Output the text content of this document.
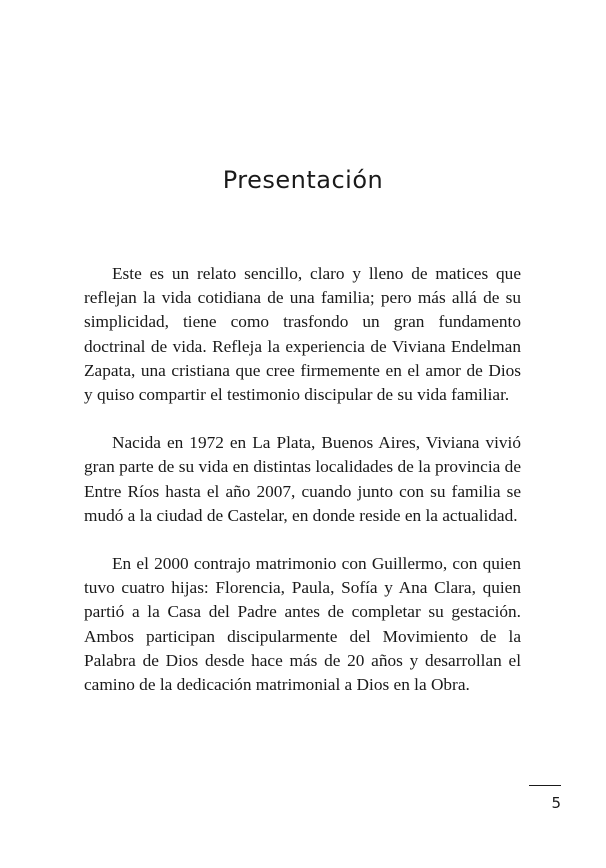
Presentación

Este es un relato sencillo, claro y lleno de matices que reflejan la vida cotidiana de una familia; pero más allá de su simplicidad, tiene como trasfondo un gran fundamento doctrinal de vida. Refleja la experiencia de Viviana Endelman Zapata, una cristiana que cree firmemente en el amor de Dios y quiso compartir el testimonio discipular de su vida familiar.

Nacida en 1972 en La Plata, Buenos Aires, Viviana vivió gran parte de su vida en distintas localidades de la provincia de Entre Ríos hasta el año 2007, cuando junto con su familia se mudó a la ciudad de Castelar, en donde reside en la actualidad.

En el 2000 contrajo matrimonio con Guillermo, con quien tuvo cuatro hijas: Florencia, Paula, Sofía y Ana Clara, quien partió a la Casa del Padre antes de completar su gestación. Ambos participan discipularmente del Movimiento de la Palabra de Dios desde hace más de 20 años y desarrollan el camino de la dedicación matrimonial a Dios en la Obra.

5
